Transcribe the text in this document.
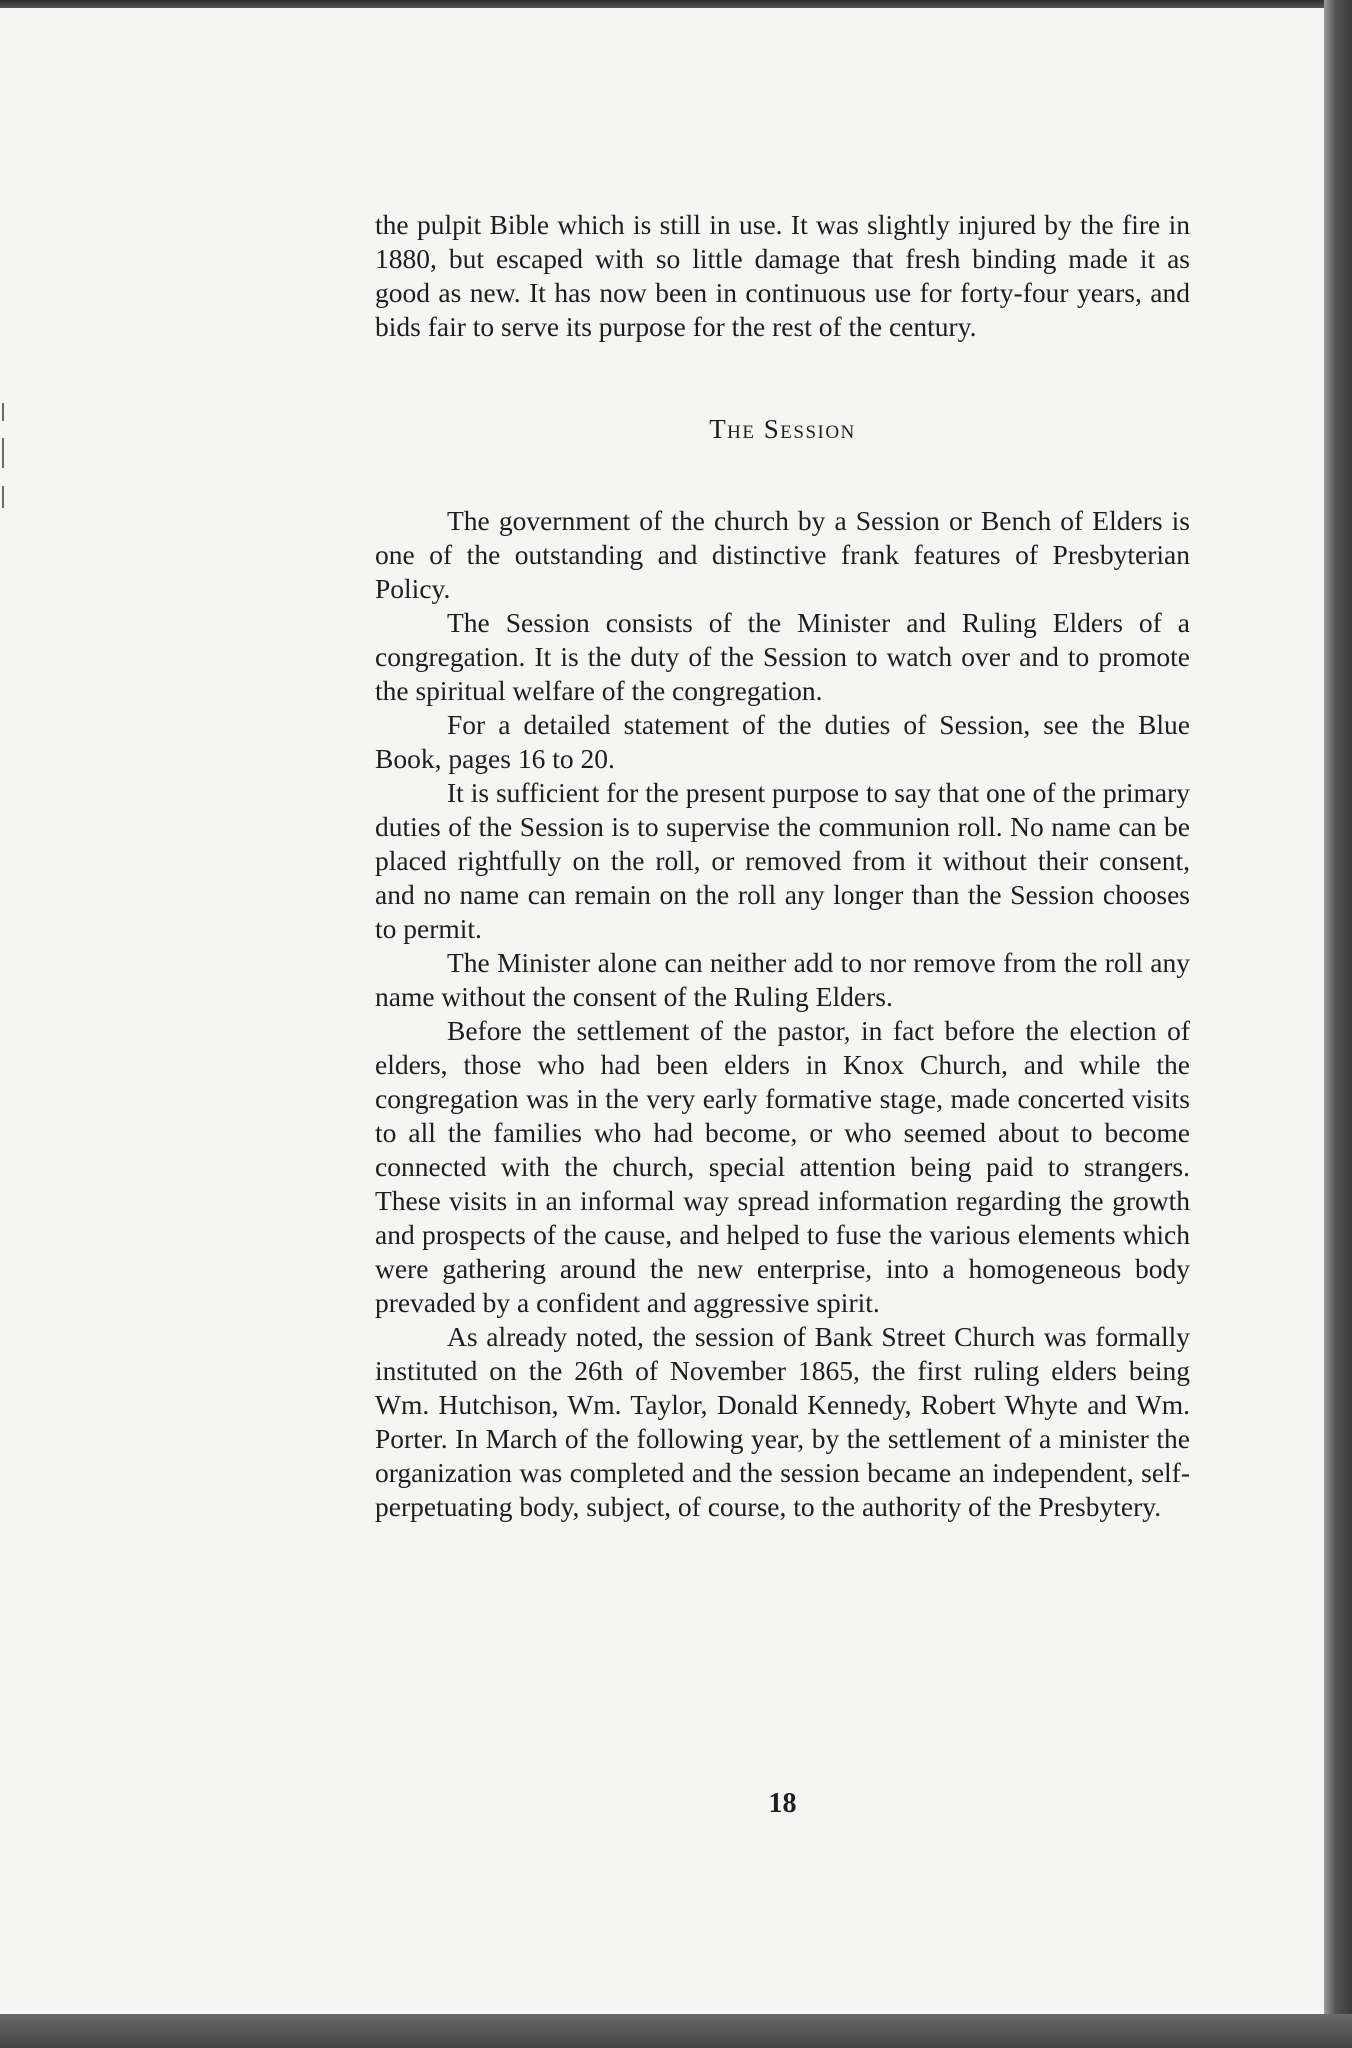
the pulpit Bible which is still in use. It was slightly injured by the fire in 1880, but escaped with so little damage that fresh binding made it as good as new. It has now been in continuous use for forty-four years, and bids fair to serve its purpose for the rest of the century.

The Session

The government of the church by a Session or Bench of Elders is one of the outstanding and distinctive frank features of Presbyterian Policy.

The Session consists of the Minister and Ruling Elders of a congregation. It is the duty of the Session to watch over and to promote the spiritual welfare of the congregation.

For a detailed statement of the duties of Session, see the Blue Book, pages 16 to 20.

It is sufficient for the present purpose to say that one of the primary duties of the Session is to supervise the communion roll. No name can be placed rightfully on the roll, or removed from it without their consent, and no name can remain on the roll any longer than the Session chooses to permit.

The Minister alone can neither add to nor remove from the roll any name without the consent of the Ruling Elders.

Before the settlement of the pastor, in fact before the election of elders, those who had been elders in Knox Church, and while the congregation was in the very early formative stage, made concerted visits to all the families who had become, or who seemed about to become connected with the church, special attention being paid to strangers. These visits in an informal way spread information regarding the growth and prospects of the cause, and helped to fuse the various elements which were gathering around the new enterprise, into a homogeneous body prevaded by a confident and aggressive spirit.

As already noted, the session of Bank Street Church was formally instituted on the 26th of November 1865, the first ruling elders being Wm. Hutchison, Wm. Taylor, Donald Kennedy, Robert Whyte and Wm. Porter. In March of the following year, by the settlement of a minister the organization was completed and the session became an independent, self-perpetuating body, subject, of course, to the authority of the Presbytery.

18
